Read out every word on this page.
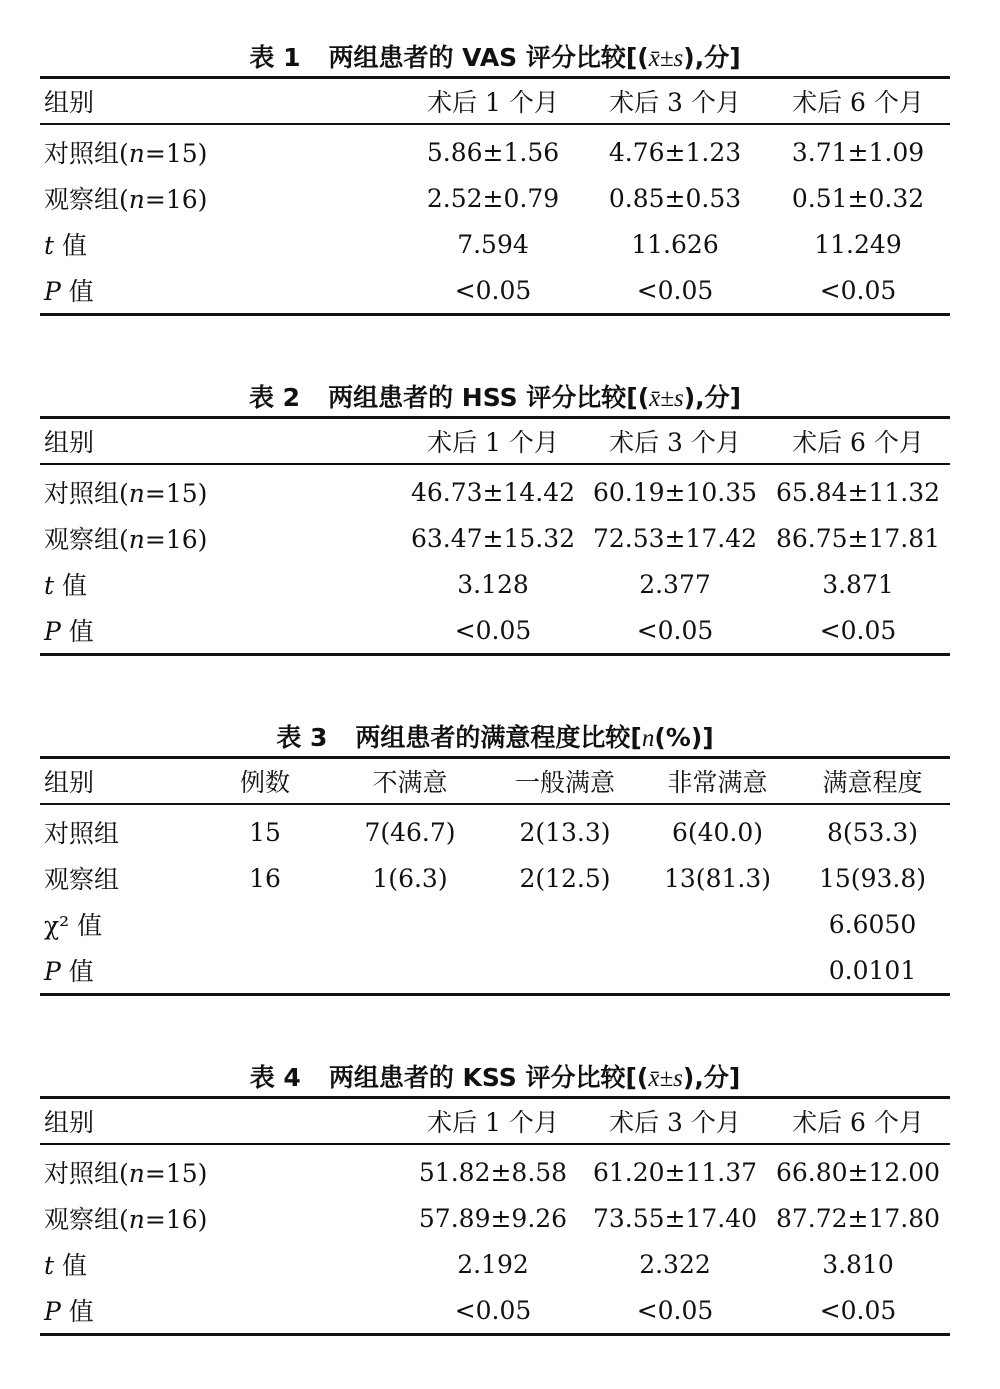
表 1 两组患者的 VAS 评分比较[(x̄±s),分]
组别	术后 1 个月	术后 3 个月	术后 6 个月
对照组(n=15)	5.86±1.56	4.76±1.23	3.71±1.09
观察组(n=16)	2.52±0.79	0.85±0.53	0.51±0.32
t 值	7.594	11.626	11.249
P 值	<0.05	<0.05	<0.05
表 2 两组患者的 HSS 评分比较[(x̄±s),分]
组别	术后 1 个月	术后 3 个月	术后 6 个月
对照组(n=15)	46.73±14.42	60.19±10.35	65.84±11.32
观察组(n=16)	63.47±15.32	72.53±17.42	86.75±17.81
t 值	3.128	2.377	3.871
P 值	<0.05	<0.05	<0.05
表 3 两组患者的满意程度比较[n(%)]
组别	例数	不满意	一般满意	非常满意	满意程度
对照组	15	7(46.7)	2(13.3)	6(40.0)	8(53.3)
观察组	16	1(6.3)	2(12.5)	13(81.3)	15(93.8)
χ² 值					6.6050
P 值					0.0101
表 4 两组患者的 KSS 评分比较[(x̄±s),分]
组别	术后 1 个月	术后 3 个月	术后 6 个月
对照组(n=15)	51.82±8.58	61.20±11.37	66.80±12.00
观察组(n=16)	57.89±9.26	73.55±17.40	87.72±17.80
t 值	2.192	2.322	3.810
P 值	<0.05	<0.05	<0.05
